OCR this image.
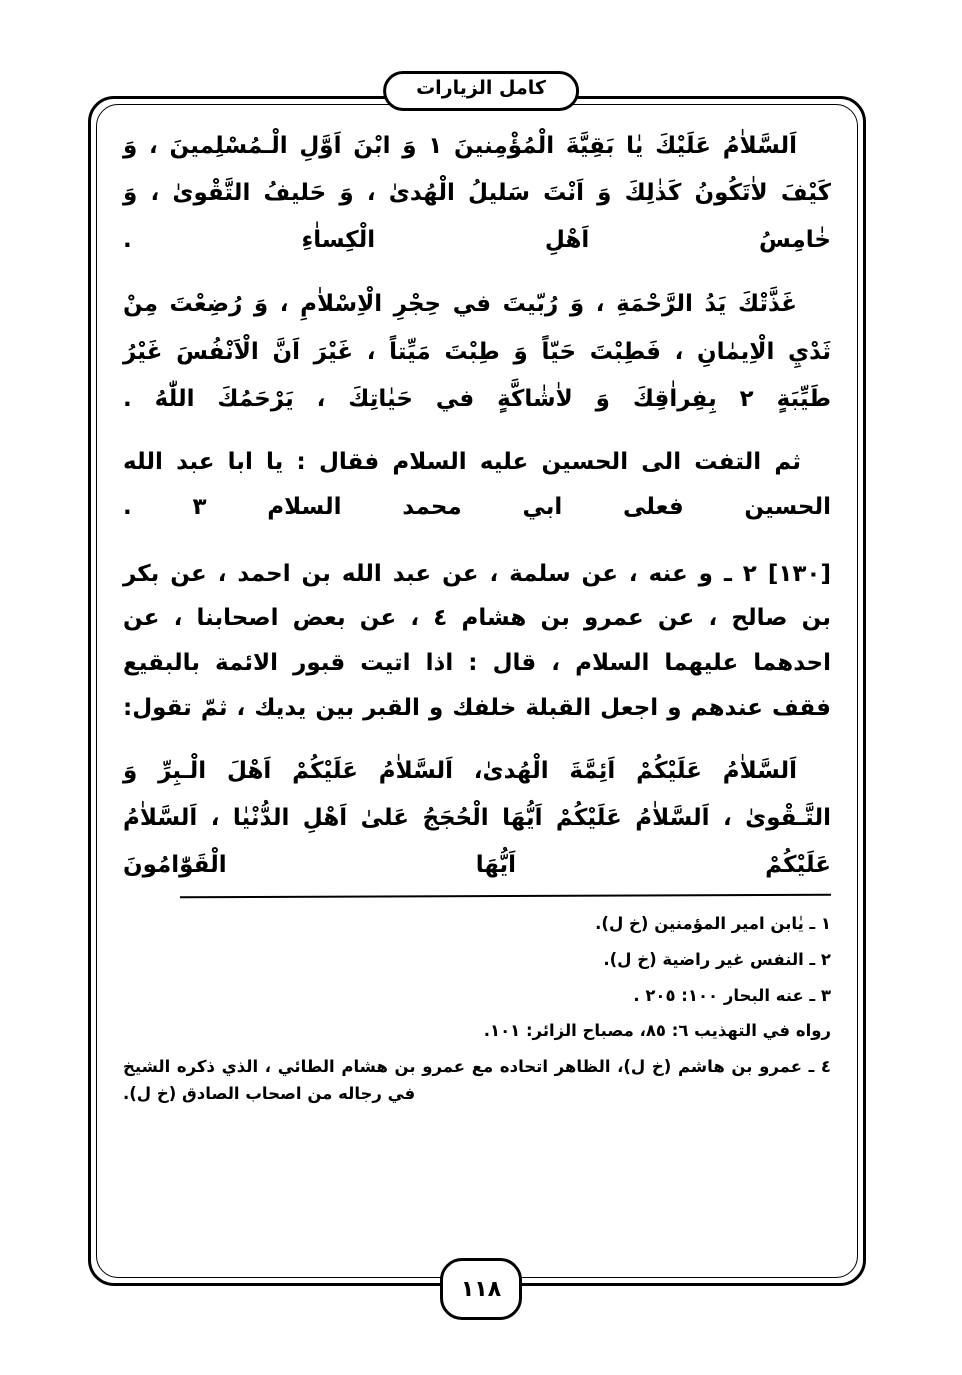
كامل الزيارات

اَلسَّلاٰمُ عَلَيْكَ يٰا بَقِيَّةَ الْمُؤْمِنينَ ١ وَ ابْنَ اَوَّلِ الْـمُسْلِمينَ ، وَ كَيْفَ لاٰتَكُونُ كَذٰلِكَ وَ اَنْتَ سَليلُ الْهُدىٰ ، وَ حَليفُ التَّقْوىٰ ، وَ خٰامِسُ اَهْلِ الْكِساٰءِ .

غَذَّتْكَ يَدُ الرَّحْمَةِ ، وَ رُبّيتَ في حِجْرِ الْاِسْلاٰمِ ، وَ رُضِعْتَ مِنْ ثَدْيِ الْاِيمٰانِ ، فَطِبْتَ حَيّاً وَ طِبْتَ مَيِّتاً ، غَيْرَ اَنَّ الْاَنْفُسَ غَيْرُ طَيِّبَةٍ ٢ بِفِراٰقِكَ وَ لاٰشٰاكَّةٍ في حَيٰاتِكَ ، يَرْحَمُكَ اللّٰهُ .

ثم التفت الى الحسين عليه السلام فقال : يا ابا عبد الله الحسين فعلى ابي محمد السلام ٣ .

[١٣٠] ٢ ـ و عنه ، عن سلمة ، عن عبد الله بن احمد ، عن بكر بن صالح ، عن عمرو بن هشام ٤ ، عن بعض اصحابنا ، عن احدهما عليهما السلام ، قال : اذا اتيت قبور الائمة بالبقيع فقف عندهم و اجعل القبلة خلفك و القبر بين يديك ، ثمّ تقول:

اَلسَّلاٰمُ عَلَيْكُمْ اَئِمَّةَ الْهُدىٰ، اَلسَّلاٰمُ عَلَيْكُمْ اَهْلَ الْـبِرِّ وَ التَّـقْوىٰ ، اَلسَّلاٰمُ عَلَيْكُمْ اَيُّهَا الْحُجَجُ عَلىٰ اَهْلِ الدُّنْيٰا ، اَلسَّلاٰمُ عَلَيْكُمْ اَيُّهَا الْقَوّٰامُونَ

١ ـ يٰابن امير المؤمنين (خ ل).

٢ ـ النفس غير راضية (خ ل).

٣ ـ عنه البحار ١٠٠: ٢٠٥ .

رواه في التهذيب ٦: ٨٥، مصباح الزائر: ١٠١.

٤ ـ عمرو بن هاشم (خ ل)، الظاهر اتحاده مع عمرو بن هشام الطائي ، الذي ذكره الشيخ في رجاله من اصحاب الصادق (خ ل).

١١٨
